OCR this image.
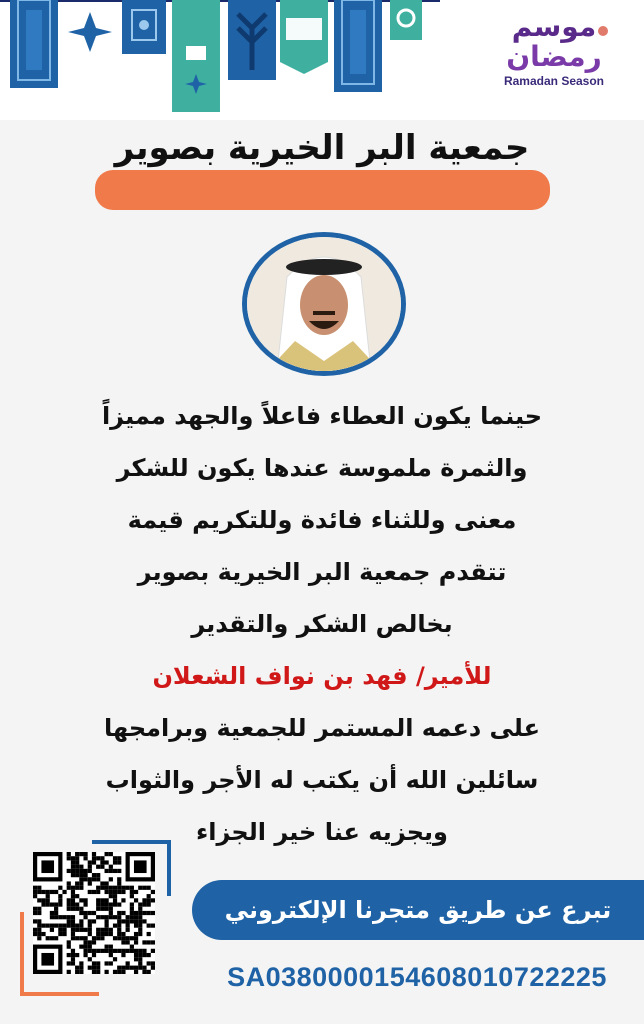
موسم
رمضان
Ramadan Season
جمعية البر الخيرية بصوير
حينما يكون العطاء فاعلاً والجهد مميزاً
والثمرة ملموسة عندها يكون للشكر
معنى وللثناء فائدة وللتكريم قيمة
تتقدم جمعية البر الخيرية بصوير
بخالص الشكر والتقدير
للأمير/ فهد بن نواف الشعلان
على دعمه المستمر للجمعية وبرامجها
سائلين الله أن يكتب له الأجر والثواب
ويجزيه عنا خير الجزاء
تبرع عن طريق متجرنا الإلكتروني
SA0380000154608010722225
